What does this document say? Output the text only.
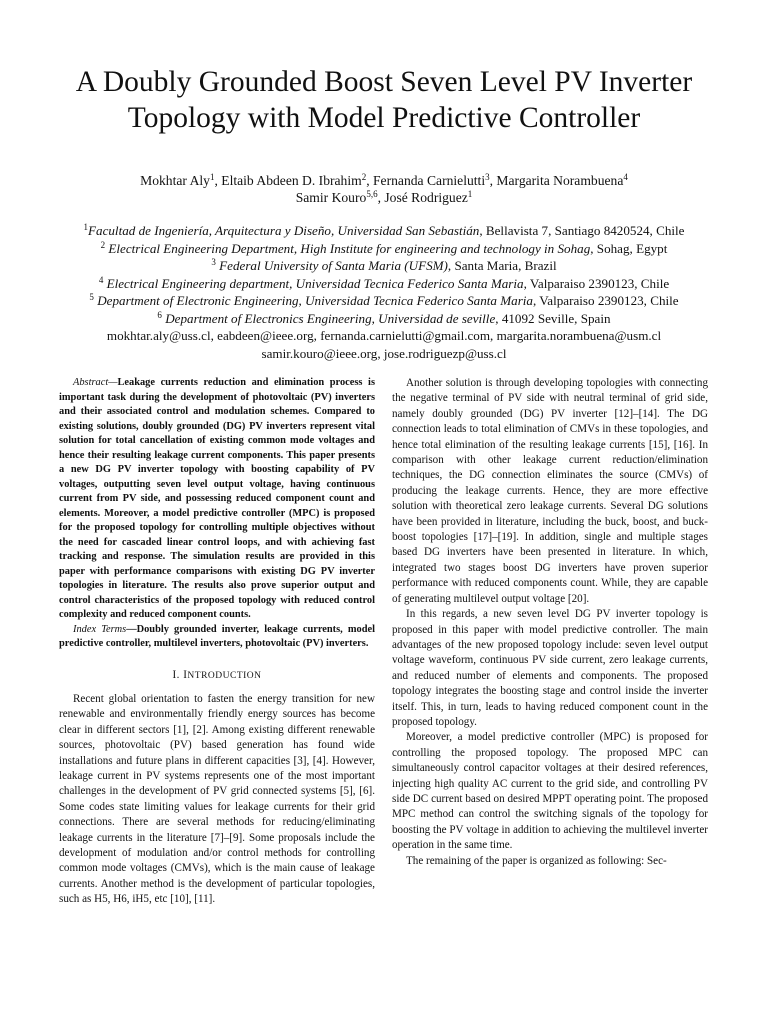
A Doubly Grounded Boost Seven Level PV Inverter Topology with Model Predictive Controller
Mokhtar Aly$^1$, Eltaib Abdeen D. Ibrahim$^2$, Fernanda Carnielutti$^3$, Margarita Norambuena$^4$
Samir Kouro$^{5,6}$, José Rodriguez$^1$
$^1$Facultad de Ingeniería, Arquitectura y Diseño, Universidad San Sebastián, Bellavista 7, Santiago 8420524, Chile
$^2$ Electrical Engineering Department, High Institute for engineering and technology in Sohag, Sohag, Egypt
$^3$ Federal University of Santa Maria (UFSM), Santa Maria, Brazil
$^4$ Electrical Engineering department, Universidad Tecnica Federico Santa Maria, Valparaiso 2390123, Chile
$^5$ Department of Electronic Engineering, Universidad Tecnica Federico Santa Maria, Valparaiso 2390123, Chile
$^6$ Department of Electronics Engineering, Universidad de seville, 41092 Seville, Spain
mokhtar.aly@uss.cl, eabdeen@ieee.org, fernanda.carnielutti@gmail.com, margarita.norambuena@usm.cl
samir.kouro@ieee.org, jose.rodriguezp@uss.cl

Abstract—Leakage currents reduction and elimination process is important task during the development of photovoltaic (PV) inverters and their associated control and modulation schemes. Compared to existing solutions, doubly grounded (DG) PV inverters represent vital solution for total cancellation of existing common mode voltages and hence their resulting leakage current components. This paper presents a new DG PV inverter topology with boosting capability of PV voltages, outputting seven level output voltage, having continuous current from PV side, and possessing reduced component count and elements. Moreover, a model predictive controller (MPC) is proposed for the proposed topology for controlling multiple objectives without the need for cascaded linear control loops, and with achieving fast tracking and response. The simulation results are provided in this paper with performance comparisons with existing DG PV inverter topologies in literature. The results also prove superior output and control characteristics of the proposed topology with reduced control complexity and reduced component counts.

Index Terms—Doubly grounded inverter, leakage currents, model predictive controller, multilevel inverters, photovoltaic (PV) inverters.

I. INTRODUCTION

Recent global orientation to fasten the energy transition for new renewable and environmentally friendly energy sources has become clear in different sectors [1], [2]. Among existing different renewable sources, photovoltaic (PV) based generation has found wide installations and future plans in different capacities [3], [4]. However, leakage current in PV systems represents one of the most important challenges in the development of PV grid connected systems [5], [6]. Some codes state limiting values for leakage currents for their grid connections. There are several methods for reducing/eliminating leakage currents in the literature [7]–[9]. Some proposals include the development of modulation and/or control methods for controlling common mode voltages (CMVs), which is the main cause of leakage currents. Another method is the development of particular topologies, such as H5, H6, iH5, etc [10], [11].

Another solution is through developing topologies with connecting the negative terminal of PV side with neutral terminal of grid side, namely doubly grounded (DG) PV inverter [12]–[14]. The DG connection leads to total elimination of CMVs in these topologies, and hence total elimination of the resulting leakage currents [15], [16]. In comparison with other leakage current reduction/elimination techniques, the DG connection eliminates the source (CMVs) of producing the leakage currents. Hence, they are more effective solution with theoretical zero leakage currents. Several DG solutions have been provided in literature, including the buck, boost, and buck-boost topologies [17]–[19]. In addition, single and multiple stages based DG inverters have been presented in literature. In which, integrated two stages boost DG inverters have proven superior performance with reduced components count. While, they are capable of generating multilevel output voltage [20].

In this regards, a new seven level DG PV inverter topology is proposed in this paper with model predictive controller. The main advantages of the new proposed topology include: seven level output voltage waveform, continuous PV side current, zero leakage currents, and reduced number of elements and components. The proposed topology integrates the boosting stage and control inside the inverter itself. This, in turn, leads to having reduced component count in the proposed topology.

Moreover, a model predictive controller (MPC) is proposed for controlling the proposed topology. The proposed MPC can simultaneously control capacitor voltages at their desired references, injecting high quality AC current to the grid side, and controlling PV side DC current based on desired MPPT operating point. The proposed MPC method can control the switching signals of the topology for boosting the PV voltage in addition to achieving the multilevel inverter operation in the same time.

The remaining of the paper is organized as following: Sec-
